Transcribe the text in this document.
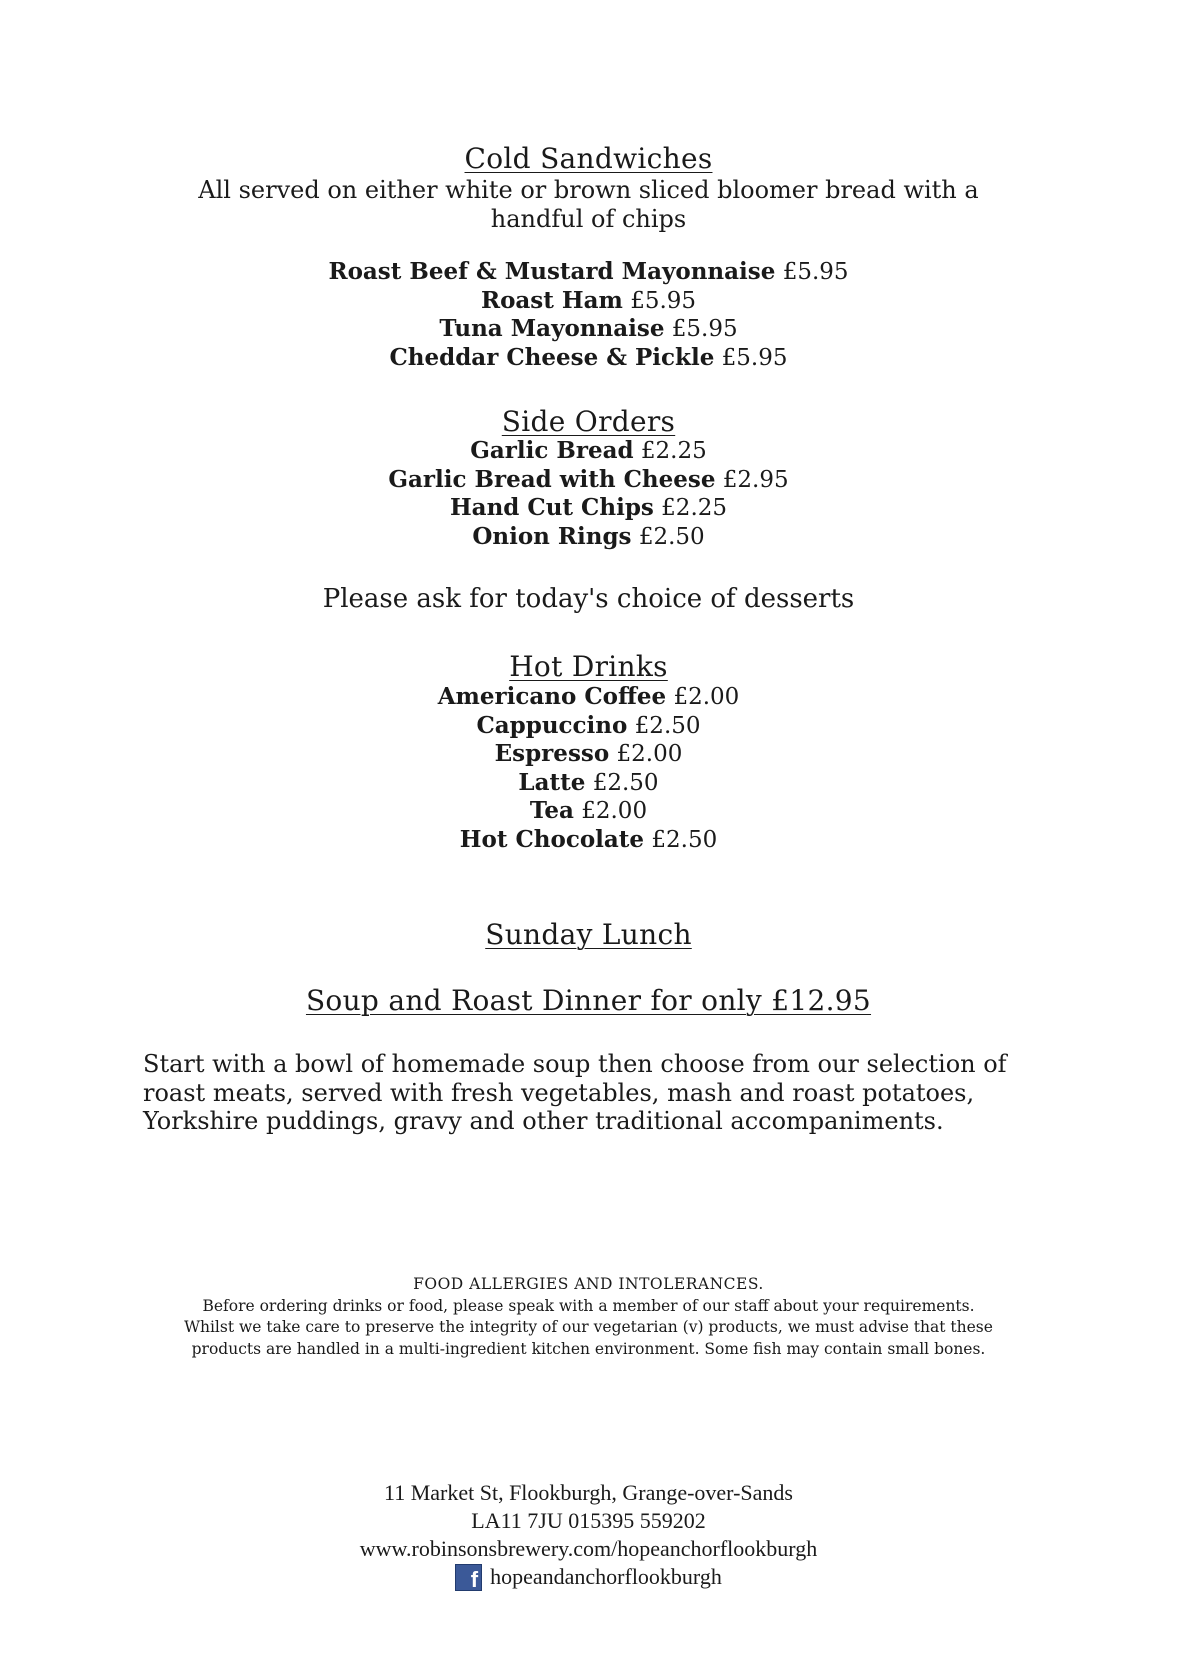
Cold Sandwiches
All served on either white or brown sliced bloomer bread with a handful of chips
Roast Beef & Mustard Mayonnaise £5.95
Roast Ham £5.95
Tuna Mayonnaise £5.95
Cheddar Cheese & Pickle £5.95
Side Orders
Garlic Bread £2.25
Garlic Bread with Cheese £2.95
Hand Cut Chips £2.25
Onion Rings £2.50
Please ask for today's choice of desserts
Hot Drinks
Americano Coffee £2.00
Cappuccino £2.50
Espresso £2.00
Latte £2.50
Tea £2.00
Hot Chocolate £2.50
Sunday Lunch
Soup and Roast Dinner for only £12.95
Start with a bowl of homemade soup then choose from our selection of roast meats, served with fresh vegetables, mash and roast potatoes, Yorkshire puddings, gravy and other traditional accompaniments.
FOOD ALLERGIES AND INTOLERANCES.
Before ordering drinks or food, please speak with a member of our staff about your requirements.
Whilst we take care to preserve the integrity of our vegetarian (v) products, we must advise that these
products are handled in a multi-ingredient kitchen environment. Some fish may contain small bones.
11 Market St, Flookburgh, Grange-over-Sands
LA11 7JU 015395 559202
www.robinsonsbrewery.com/hopeanchorflookburgh
f hopeandanchorflookburgh
